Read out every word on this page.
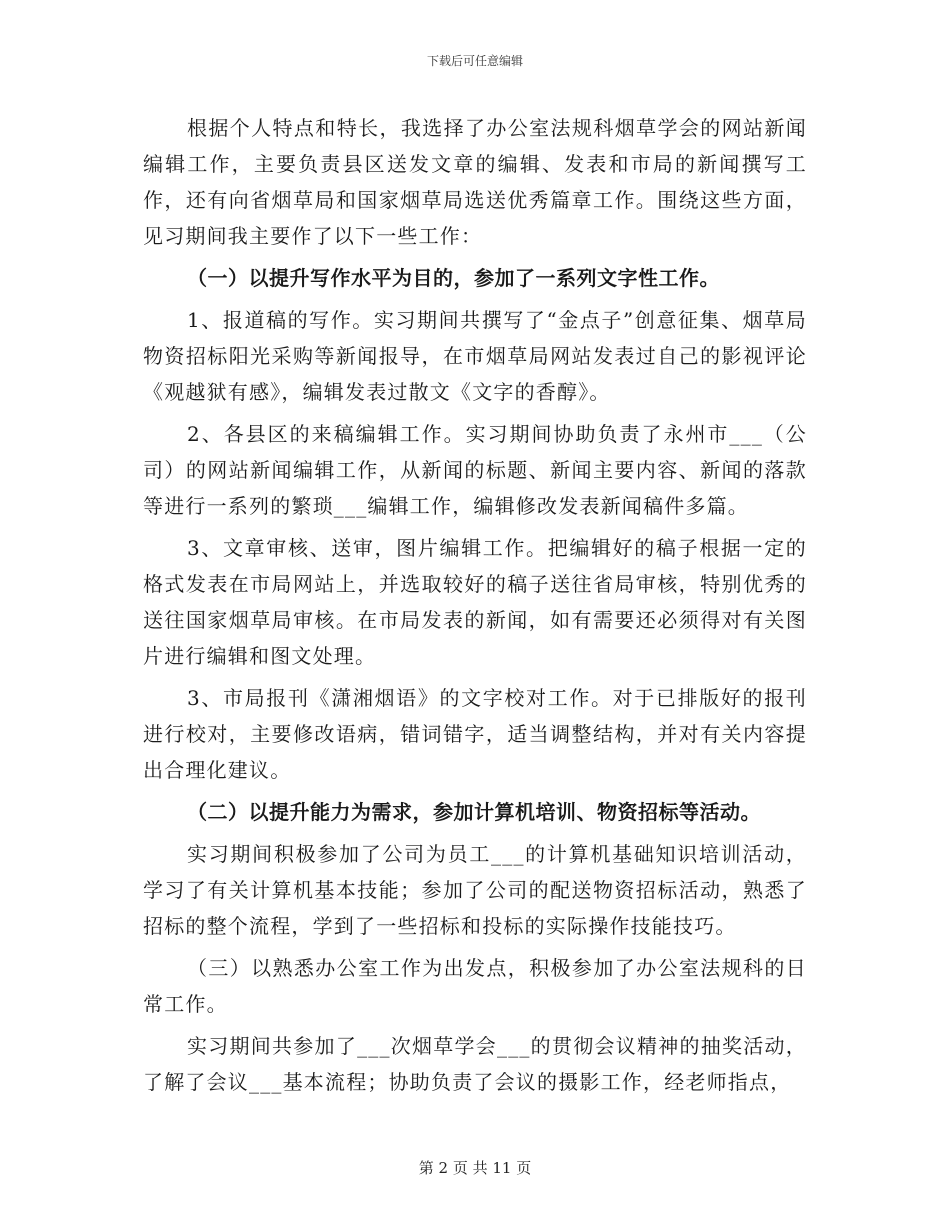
下载后可任意编辑

根据个人特点和特长，我选择了办公室法规科烟草学会的网站新闻编辑工作，主要负责县区送发文章的编辑、发表和市局的新闻撰写工作，还有向省烟草局和国家烟草局选送优秀篇章工作。围绕这些方面，见习期间我主要作了以下一些工作：

（一）以提升写作水平为目的，参加了一系列文字性工作。

1、报道稿的写作。实习期间共撰写了“金点子”创意征集、烟草局物资招标阳光采购等新闻报导，在市烟草局网站发表过自己的影视评论《观越狱有感》，编辑发表过散文《文字的香醇》。

2、各县区的来稿编辑工作。实习期间协助负责了永州市___（公司）的网站新闻编辑工作，从新闻的标题、新闻主要内容、新闻的落款等进行一系列的繁琐___编辑工作，编辑修改发表新闻稿件多篇。

3、文章审核、送审，图片编辑工作。把编辑好的稿子根据一定的格式发表在市局网站上，并选取较好的稿子送往省局审核，特别优秀的送往国家烟草局审核。在市局发表的新闻，如有需要还必须得对有关图片进行编辑和图文处理。

3、市局报刊《潇湘烟语》的文字校对工作。对于已排版好的报刊进行校对，主要修改语病，错词错字，适当调整结构，并对有关内容提出合理化建议。

（二）以提升能力为需求，参加计算机培训、物资招标等活动。

实习期间积极参加了公司为员工___的计算机基础知识培训活动，学习了有关计算机基本技能；参加了公司的配送物资招标活动，熟悉了招标的整个流程，学到了一些招标和投标的实际操作技能技巧。

（三）以熟悉办公室工作为出发点，积极参加了办公室法规科的日常工作。

实习期间共参加了___次烟草学会___的贯彻会议精神的抽奖活动，了解了会议___基本流程；协助负责了会议的摄影工作，经老师指点，

第 2 页 共 11 页
